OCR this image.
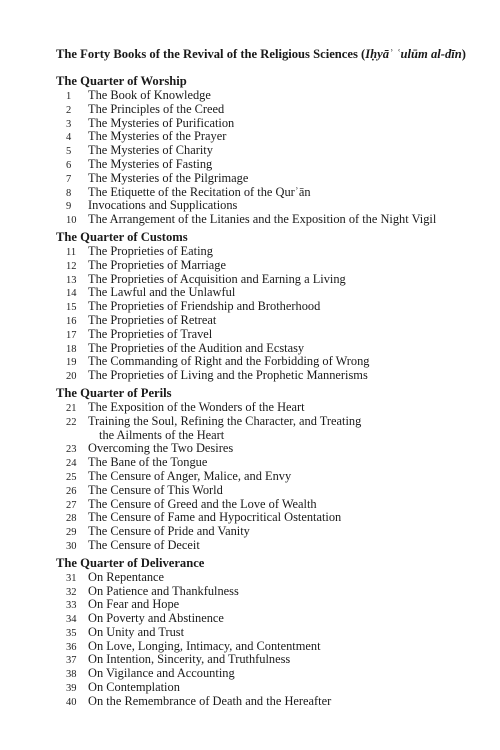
The Forty Books of the Revival of the Religious Sciences (Iḥyāʾ ʿulūm al-dīn)
The Quarter of Worship
1 The Book of Knowledge
2 The Principles of the Creed
3 The Mysteries of Purification
4 The Mysteries of the Prayer
5 The Mysteries of Charity
6 The Mysteries of Fasting
7 The Mysteries of the Pilgrimage
8 The Etiquette of the Recitation of the Qurʾān
9 Invocations and Supplications
10 The Arrangement of the Litanies and the Exposition of the Night Vigil
The Quarter of Customs
11 The Proprieties of Eating
12 The Proprieties of Marriage
13 The Proprieties of Acquisition and Earning a Living
14 The Lawful and the Unlawful
15 The Proprieties of Friendship and Brotherhood
16 The Proprieties of Retreat
17 The Proprieties of Travel
18 The Proprieties of the Audition and Ecstasy
19 The Commanding of Right and the Forbidding of Wrong
20 The Proprieties of Living and the Prophetic Mannerisms
The Quarter of Perils
21 The Exposition of the Wonders of the Heart
22 Training the Soul, Refining the Character, and Treating
the Ailments of the Heart
23 Overcoming the Two Desires
24 The Bane of the Tongue
25 The Censure of Anger, Malice, and Envy
26 The Censure of This World
27 The Censure of Greed and the Love of Wealth
28 The Censure of Fame and Hypocritical Ostentation
29 The Censure of Pride and Vanity
30 The Censure of Deceit
The Quarter of Deliverance
31 On Repentance
32 On Patience and Thankfulness
33 On Fear and Hope
34 On Poverty and Abstinence
35 On Unity and Trust
36 On Love, Longing, Intimacy, and Contentment
37 On Intention, Sincerity, and Truthfulness
38 On Vigilance and Accounting
39 On Contemplation
40 On the Remembrance of Death and the Hereafter
